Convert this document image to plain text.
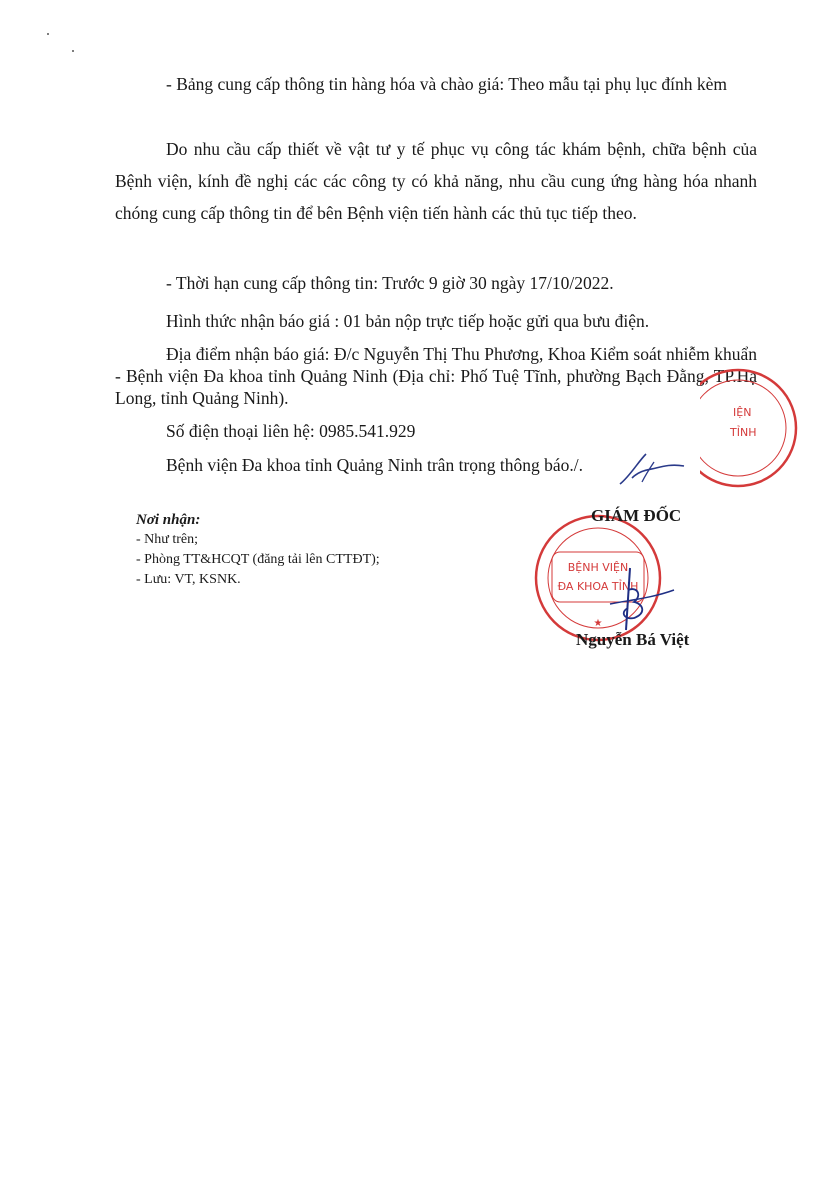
- Bảng cung cấp thông tin hàng hóa và chào giá: Theo mẫu tại phụ lục đính kèm

Do nhu cầu cấp thiết về vật tư y tế phục vụ công tác khám bệnh, chữa bệnh của Bệnh viện, kính đề nghị các các công ty có khả năng, nhu cầu cung ứng hàng hóa nhanh chóng cung cấp thông tin để bên Bệnh viện tiến hành các thủ tục tiếp theo.

- Thời hạn cung cấp thông tin: Trước 9 giờ 30 ngày 17/10/2022.
Hình thức nhận báo giá : 01 bản nộp trực tiếp hoặc gửi qua bưu điện.

Địa điểm nhận báo giá: Đ/c Nguyễn Thị Thu Phương, Khoa Kiểm soát nhiễm khuẩn - Bệnh viện Đa khoa tỉnh Quảng Ninh (Địa chỉ: Phố Tuệ Tĩnh, phường Bạch Đằng, TP.Hạ Long, tỉnh Quảng Ninh).

Số điện thoại liên hệ: 0985.541.929
Bệnh viện Đa khoa tỉnh Quảng Ninh trân trọng thông báo./.
IỆN
TỈNH
Nơi nhận:
- Như trên;
- Phòng TT&HCQT (đăng tải lên CTTĐT);
- Lưu: VT, KSNK.
BỆNH VIỆN
ĐA KHOA TỈNH
★
GIÁM ĐỐC
Nguyễn Bá Việt
